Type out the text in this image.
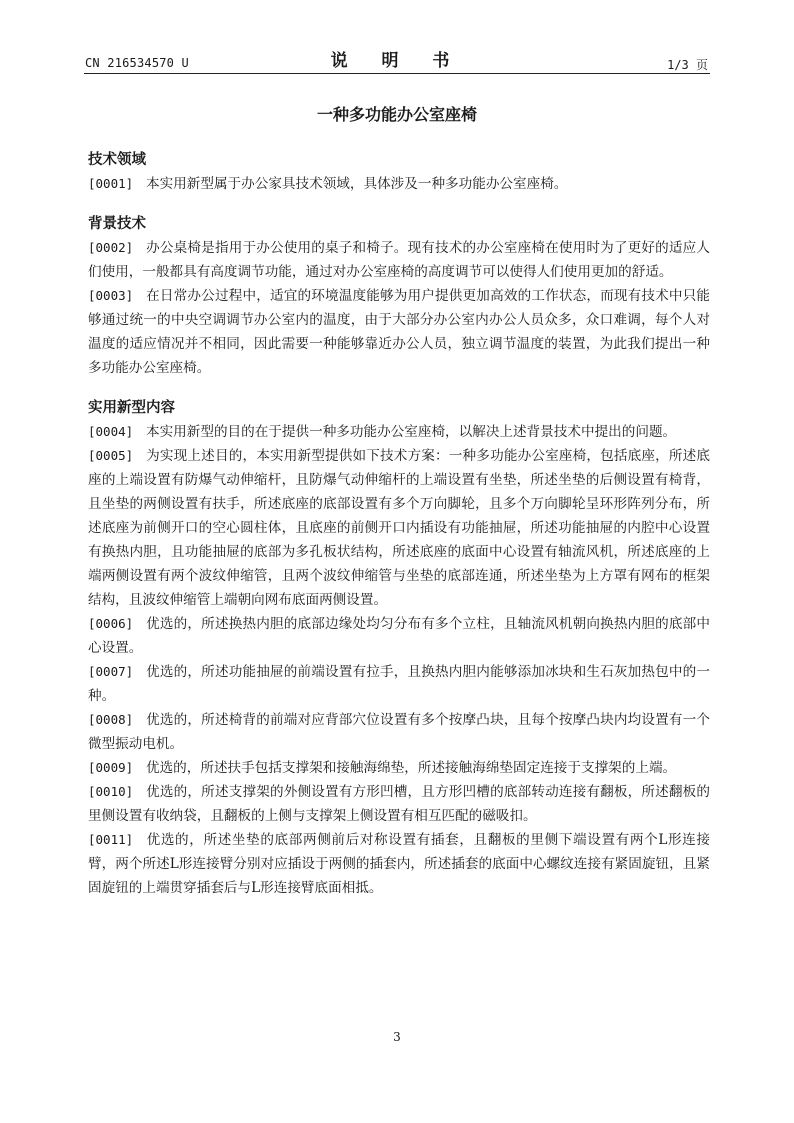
CN 216534570 U	说 明 书	1/3 页
一种多功能办公室座椅
技术领域
[0001] 本实用新型属于办公家具技术领域，具体涉及一种多功能办公室座椅。
背景技术
[0002] 办公桌椅是指用于办公使用的桌子和椅子。现有技术的办公室座椅在使用时为了更好的适应人们使用，一般都具有高度调节功能，通过对办公室座椅的高度调节可以使得人们使用更加的舒适。
[0003] 在日常办公过程中，适宜的环境温度能够为用户提供更加高效的工作状态，而现有技术中只能够通过统一的中央空调调节办公室内的温度，由于大部分办公室内办公人员众多，众口难调，每个人对温度的适应情况并不相同，因此需要一种能够靠近办公人员，独立调节温度的装置，为此我们提出一种多功能办公室座椅。
实用新型内容
[0004] 本实用新型的目的在于提供一种多功能办公室座椅，以解决上述背景技术中提出的问题。
[0005] 为实现上述目的，本实用新型提供如下技术方案：一种多功能办公室座椅，包括底座，所述底座的上端设置有防爆气动伸缩杆，且防爆气动伸缩杆的上端设置有坐垫，所述坐垫的后侧设置有椅背，且坐垫的两侧设置有扶手，所述底座的底部设置有多个万向脚轮，且多个万向脚轮呈环形阵列分布，所述底座为前侧开口的空心圆柱体，且底座的前侧开口内插设有功能抽屉，所述功能抽屉的内腔中心设置有换热内胆，且功能抽屉的底部为多孔板状结构，所述底座的底面中心设置有轴流风机，所述底座的上端两侧设置有两个波纹伸缩管，且两个波纹伸缩管与坐垫的底部连通，所述坐垫为上方罩有网布的框架结构，且波纹伸缩管上端朝向网布底面两侧设置。
[0006] 优选的，所述换热内胆的底部边缘处均匀分布有多个立柱，且轴流风机朝向换热内胆的底部中心设置。
[0007] 优选的，所述功能抽屉的前端设置有拉手，且换热内胆内能够添加冰块和生石灰加热包中的一种。
[0008] 优选的，所述椅背的前端对应背部穴位设置有多个按摩凸块，且每个按摩凸块内均设置有一个微型振动电机。
[0009] 优选的，所述扶手包括支撑架和接触海绵垫，所述接触海绵垫固定连接于支撑架的上端。
[0010] 优选的，所述支撑架的外侧设置有方形凹槽，且方形凹槽的底部转动连接有翻板，所述翻板的里侧设置有收纳袋，且翻板的上侧与支撑架上侧设置有相互匹配的磁吸扣。
[0011] 优选的，所述坐垫的底部两侧前后对称设置有插套，且翻板的里侧下端设置有两个L形连接臂，两个所述L形连接臂分别对应插设于两侧的插套内，所述插套的底面中心螺纹连接有紧固旋钮，且紧固旋钮的上端贯穿插套后与L形连接臂底面相抵。
3
